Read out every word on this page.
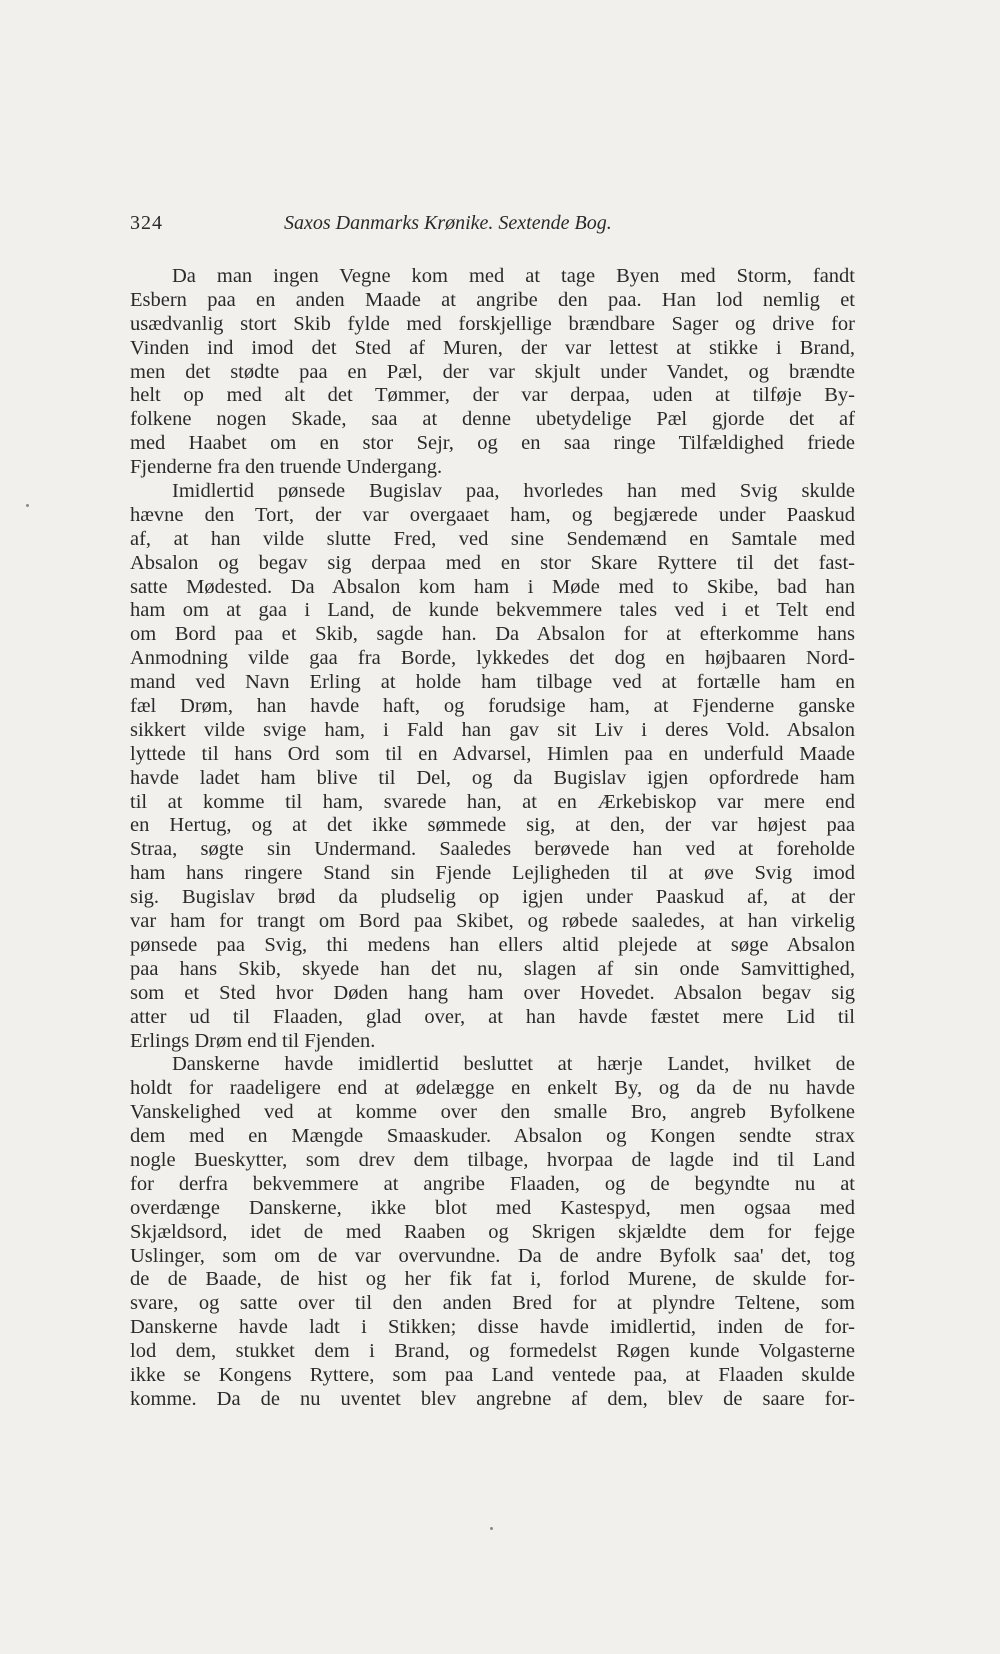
324	Saxos Danmarks Krønike. Sextende Bog.
Da man ingen Vegne kom med at tage Byen med Storm, fandt
Esbern paa en anden Maade at angribe den paa. Han lod nemlig et
usædvanlig stort Skib fylde med forskjellige brændbare Sager og drive for
Vinden ind imod det Sted af Muren, der var lettest at stikke i Brand,
men det stødte paa en Pæl, der var skjult under Vandet, og brændte
helt op med alt det Tømmer, der var derpaa, uden at tilføje By-
folkene nogen Skade, saa at denne ubetydelige Pæl gjorde det af
med Haabet om en stor Sejr, og en saa ringe Tilfældighed friede
Fjenderne fra den truende Undergang.
Imidlertid pønsede Bugislav paa, hvorledes han med Svig skulde
hævne den Tort, der var overgaaet ham, og begjærede under Paaskud
af, at han vilde slutte Fred, ved sine Sendemænd en Samtale med
Absalon og begav sig derpaa med en stor Skare Ryttere til det fast-
satte Mødested. Da Absalon kom ham i Møde med to Skibe, bad han
ham om at gaa i Land, de kunde bekvemmere tales ved i et Telt end
om Bord paa et Skib, sagde han. Da Absalon for at efterkomme hans
Anmodning vilde gaa fra Borde, lykkedes det dog en højbaaren Nord-
mand ved Navn Erling at holde ham tilbage ved at fortælle ham en
fæl Drøm, han havde haft, og forudsige ham, at Fjenderne ganske
sikkert vilde svige ham, i Fald han gav sit Liv i deres Vold. Absalon
lyttede til hans Ord som til en Advarsel, Himlen paa en underfuld Maade
havde ladet ham blive til Del, og da Bugislav igjen opfordrede ham
til at komme til ham, svarede han, at en Ærkebiskop var mere end
en Hertug, og at det ikke sømmede sig, at den, der var højest paa
Straa, søgte sin Undermand. Saaledes berøvede han ved at foreholde
ham hans ringere Stand sin Fjende Lejligheden til at øve Svig imod
sig. Bugislav brød da pludselig op igjen under Paaskud af, at der
var ham for trangt om Bord paa Skibet, og røbede saaledes, at han virkelig
pønsede paa Svig, thi medens han ellers altid plejede at søge Absalon
paa hans Skib, skyede han det nu, slagen af sin onde Samvittighed,
som et Sted hvor Døden hang ham over Hovedet. Absalon begav sig
atter ud til Flaaden, glad over, at han havde fæstet mere Lid til
Erlings Drøm end til Fjenden.
Danskerne havde imidlertid besluttet at hærje Landet, hvilket de
holdt for raadeligere end at ødelægge en enkelt By, og da de nu havde
Vanskelighed ved at komme over den smalle Bro, angreb Byfolkene
dem med en Mængde Smaaskuder. Absalon og Kongen sendte strax
nogle Bueskytter, som drev dem tilbage, hvorpaa de lagde ind til Land
for derfra bekvemmere at angribe Flaaden, og de begyndte nu at
overdænge Danskerne, ikke blot med Kastespyd, men ogsaa med
Skjældsord, idet de med Raaben og Skrigen skjældte dem for fejge
Uslinger, som om de var overvundne. Da de andre Byfolk saa' det, tog
de de Baade, de hist og her fik fat i, forlod Murene, de skulde for-
svare, og satte over til den anden Bred for at plyndre Teltene, som
Danskerne havde ladt i Stikken; disse havde imidlertid, inden de for-
lod dem, stukket dem i Brand, og formedelst Røgen kunde Volgasterne
ikke se Kongens Ryttere, som paa Land ventede paa, at Flaaden skulde
komme. Da de nu uventet blev angrebne af dem, blev de saare for-
